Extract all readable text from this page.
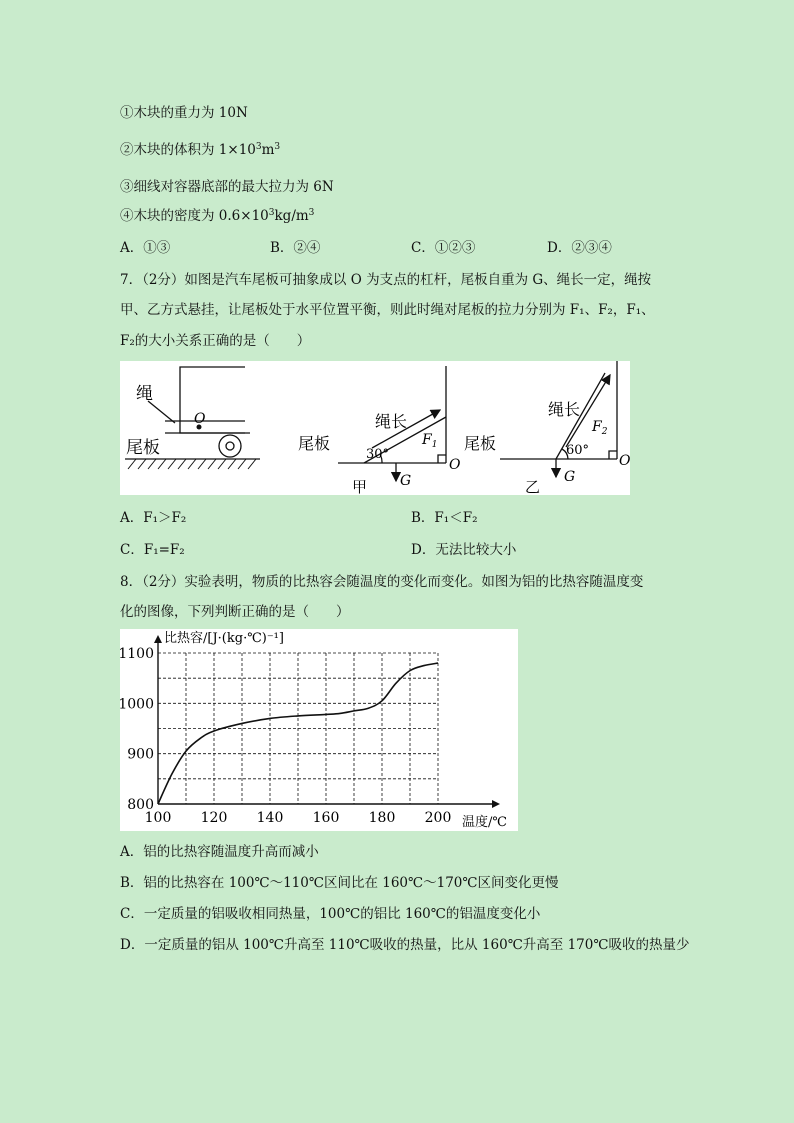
①木块的重力为 10N
②木块的体积为 $1\times 10^3m^3$
③细线对容器底部的最大拉力为 6N
④木块的密度为 $0.6\times 10^3kg/m^3$
A．①③	B．②④	C．①②③	D．②③④
7．（2分）如图是汽车尾板可抽象成以 O 为支点的杠杆，尾板自重为 G、绳长一定，绳按
甲、乙方式悬挂，让尾板处于水平位置平衡，则此时绳对尾板的拉力分别为 F₁、F₂，F₁、
F₂的大小关系正确的是（　　）
绳
O
尾板	尾板
绳长
$F_1$
30°
O
G
甲
尾板
绳长
$F_2$
60°
O
G
乙
A．F₁＞F₂	B．F₁＜F₂
C．F₁=F₂	D．无法比较大小
8．（2分）实验表明，物质的比热容会随温度的变化而变化。如图为铝的比热容随温度变
化的图像，下列判断正确的是（　　）
100 120 140 160 180 200
800
900
1000
1100
比热容/[J·(kg·℃)⁻¹]
温度/℃
A．铝的比热容随温度升高而减小
B．铝的比热容在 100℃～110℃区间比在 160℃～170℃区间变化更慢
C．一定质量的铝吸收相同热量，100℃的铝比 160℃的铝温度变化小
D．一定质量的铝从 100℃升高至 110℃吸收的热量，比从 160℃升高至 170℃吸收的热量少
